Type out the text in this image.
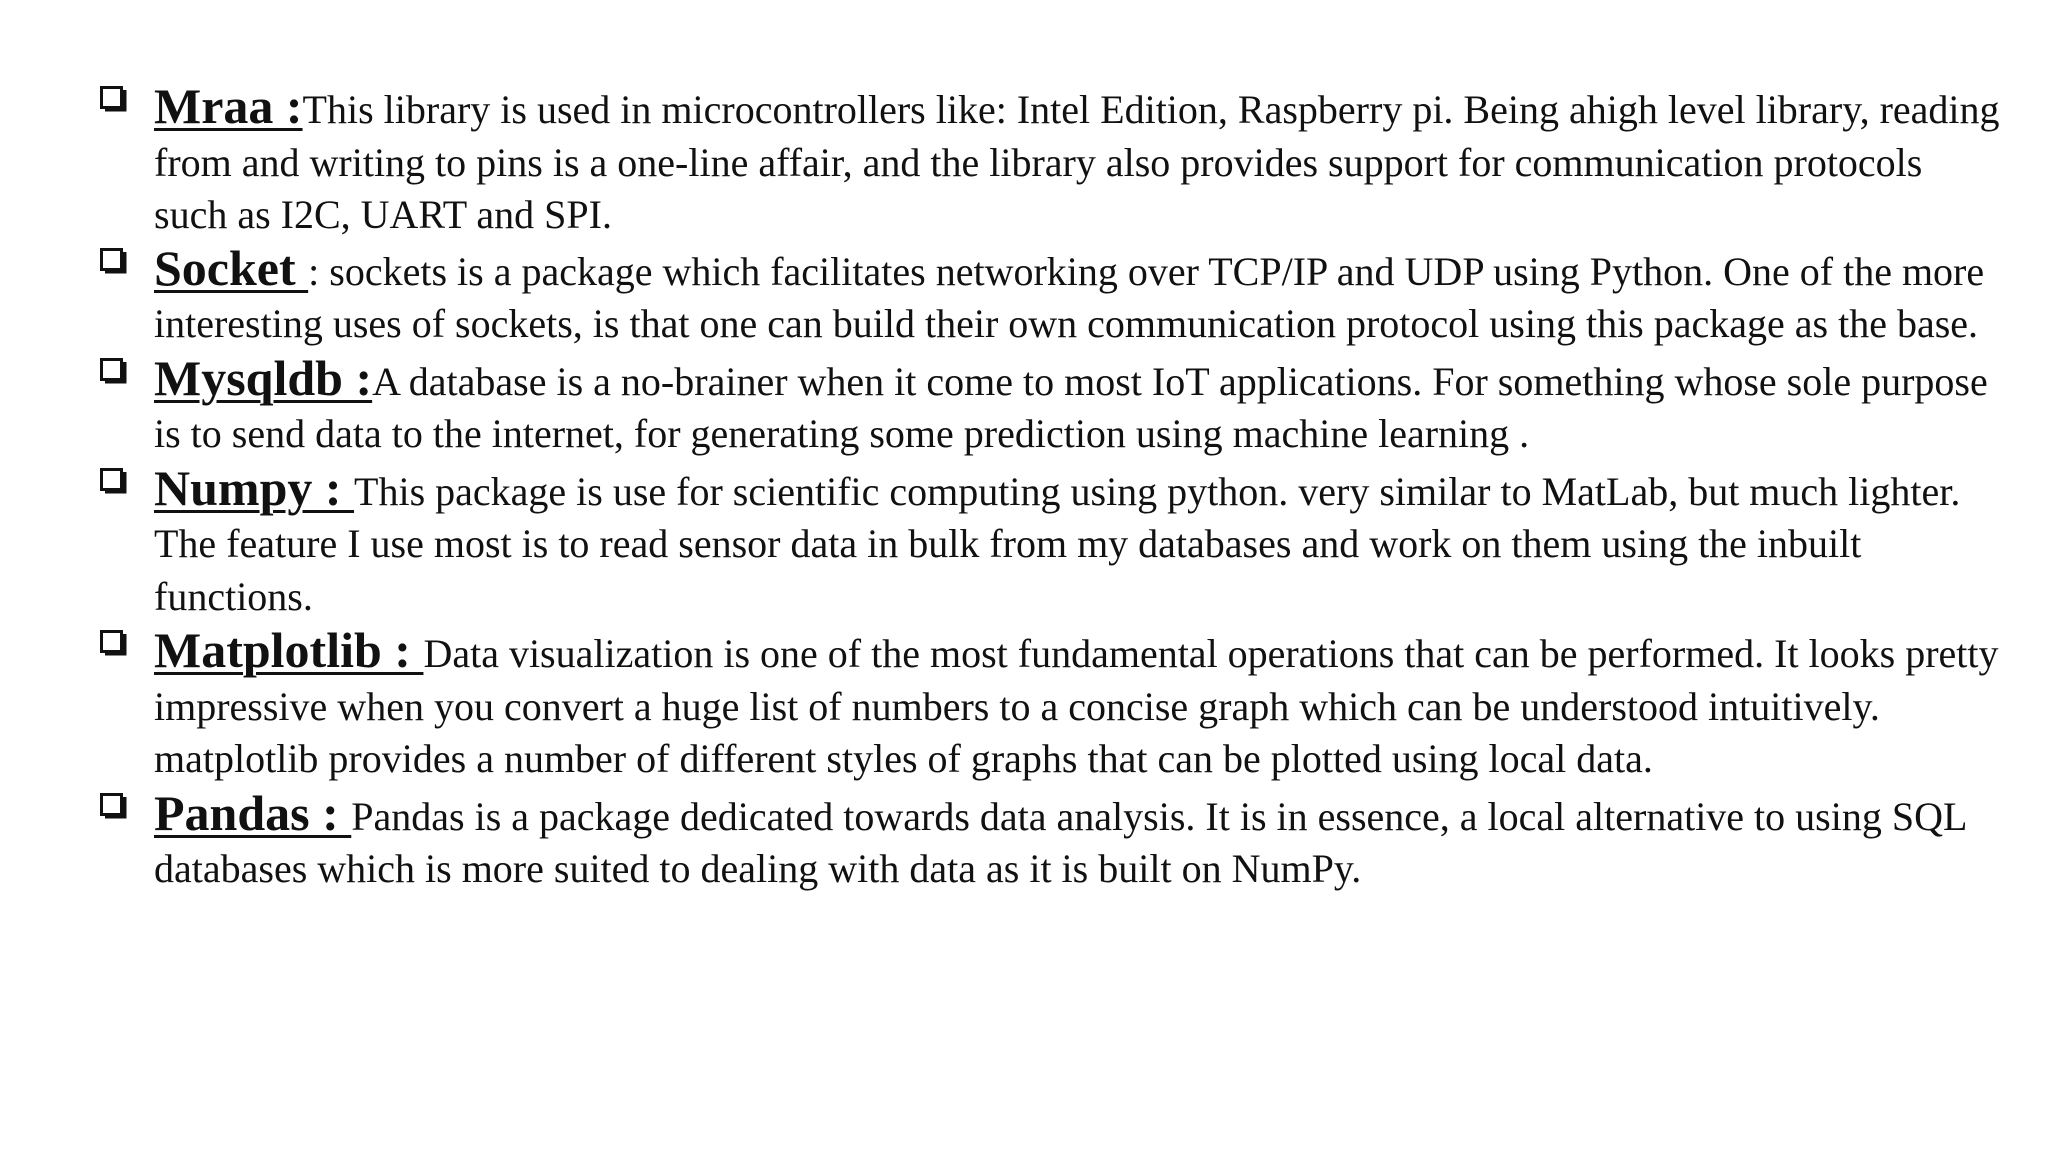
Mraa :This library is used in microcontrollers like: Intel Edition, Raspberry pi. Being ahigh level library, reading from and writing to pins is a one-line affair, and the library also provides support for communication protocols such as I2C, UART and SPI.
Socket : sockets is a package which facilitates networking over TCP/IP and UDP using Python. One of the more interesting uses of sockets, is that one can build their own communication protocol using this package as the base.
Mysqldb :A database is a no-brainer when it come to most IoT applications. For something whose sole purpose is to send data to the internet, for generating some prediction using machine learning .
Numpy : This package is use for scientific computing using python. very similar to MatLab, but much lighter. The feature I use most is to read sensor data in bulk from my databases and work on them using the inbuilt functions.
Matplotlib : Data visualization is one of the most fundamental operations that can be performed. It looks pretty impressive when you convert a huge list of numbers to a concise graph which can be understood intuitively. matplotlib provides a number of different styles of graphs that can be plotted using local data.
Pandas : Pandas is a package dedicated towards data analysis. It is in essence, a local alternative to using SQL databases which is more suited to dealing with data as it is built on NumPy.
